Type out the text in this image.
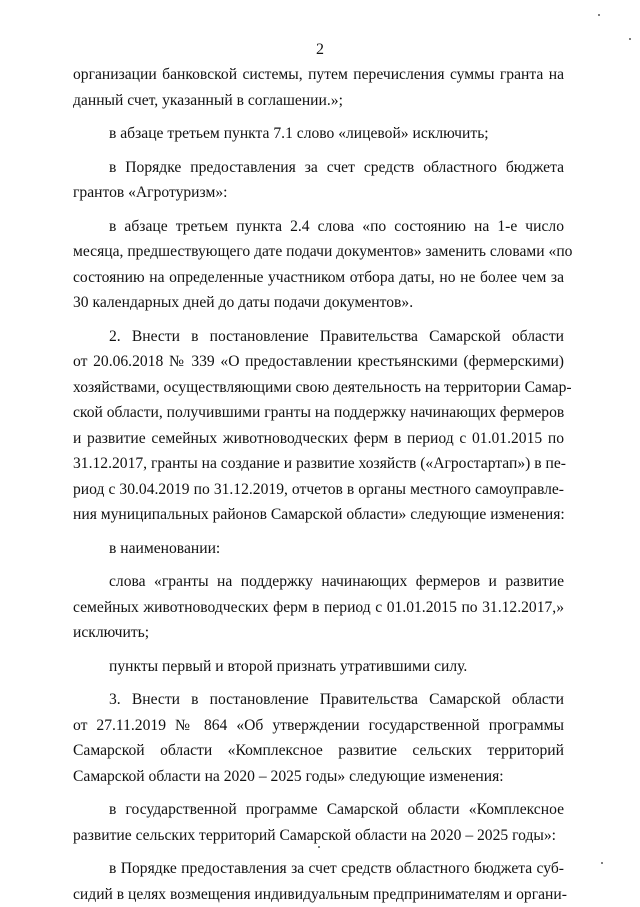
2
организации банковской системы, путем перечисления суммы гранта на
данный счет, указанный в соглашении.»;
в абзаце третьем пункта 7.1 слово «лицевой» исключить;
в Порядке предоставления за счет средств областного бюджета
грантов «Агротуризм»:
в абзаце третьем пункта 2.4 слова «по состоянию на 1-е число
месяца, предшествующего дате подачи документов» заменить словами «по
состоянию на определенные участником отбора даты, но не более чем за
30 календарных дней до даты подачи документов».
2. Внести в постановление Правительства Самарской области
от 20.06.2018 № 339 «О предоставлении крестьянскими (фермерскими)
хозяйствами, осуществляющими свою деятельность на территории Самар-
ской области, получившими гранты на поддержку начинающих фермеров
и развитие семейных животноводческих ферм в период с 01.01.2015 по
31.12.2017, гранты на создание и развитие хозяйств («Агростартап») в пе-
риод с 30.04.2019 по 31.12.2019, отчетов в органы местного самоуправле-
ния муниципальных районов Самарской области» следующие изменения:
в наименовании:
слова «гранты на поддержку начинающих фермеров и развитие
семейных животноводческих ферм в период с 01.01.2015 по 31.12.2017,»
исключить;
пункты первый и второй признать утратившими силу.
3. Внести в постановление Правительства Самарской области
от 27.11.2019 № 864 «Об утверждении государственной программы
Самарской области «Комплексное развитие сельских территорий
Самарской области на 2020 – 2025 годы» следующие изменения:
в государственной программе Самарской области «Комплексное
развитие сельских территорий Самарской области на 2020 – 2025 годы»:
в Порядке предоставления за счет средств областного бюджета суб-
сидий в целях возмещения индивидуальным предпринимателям и органи-
